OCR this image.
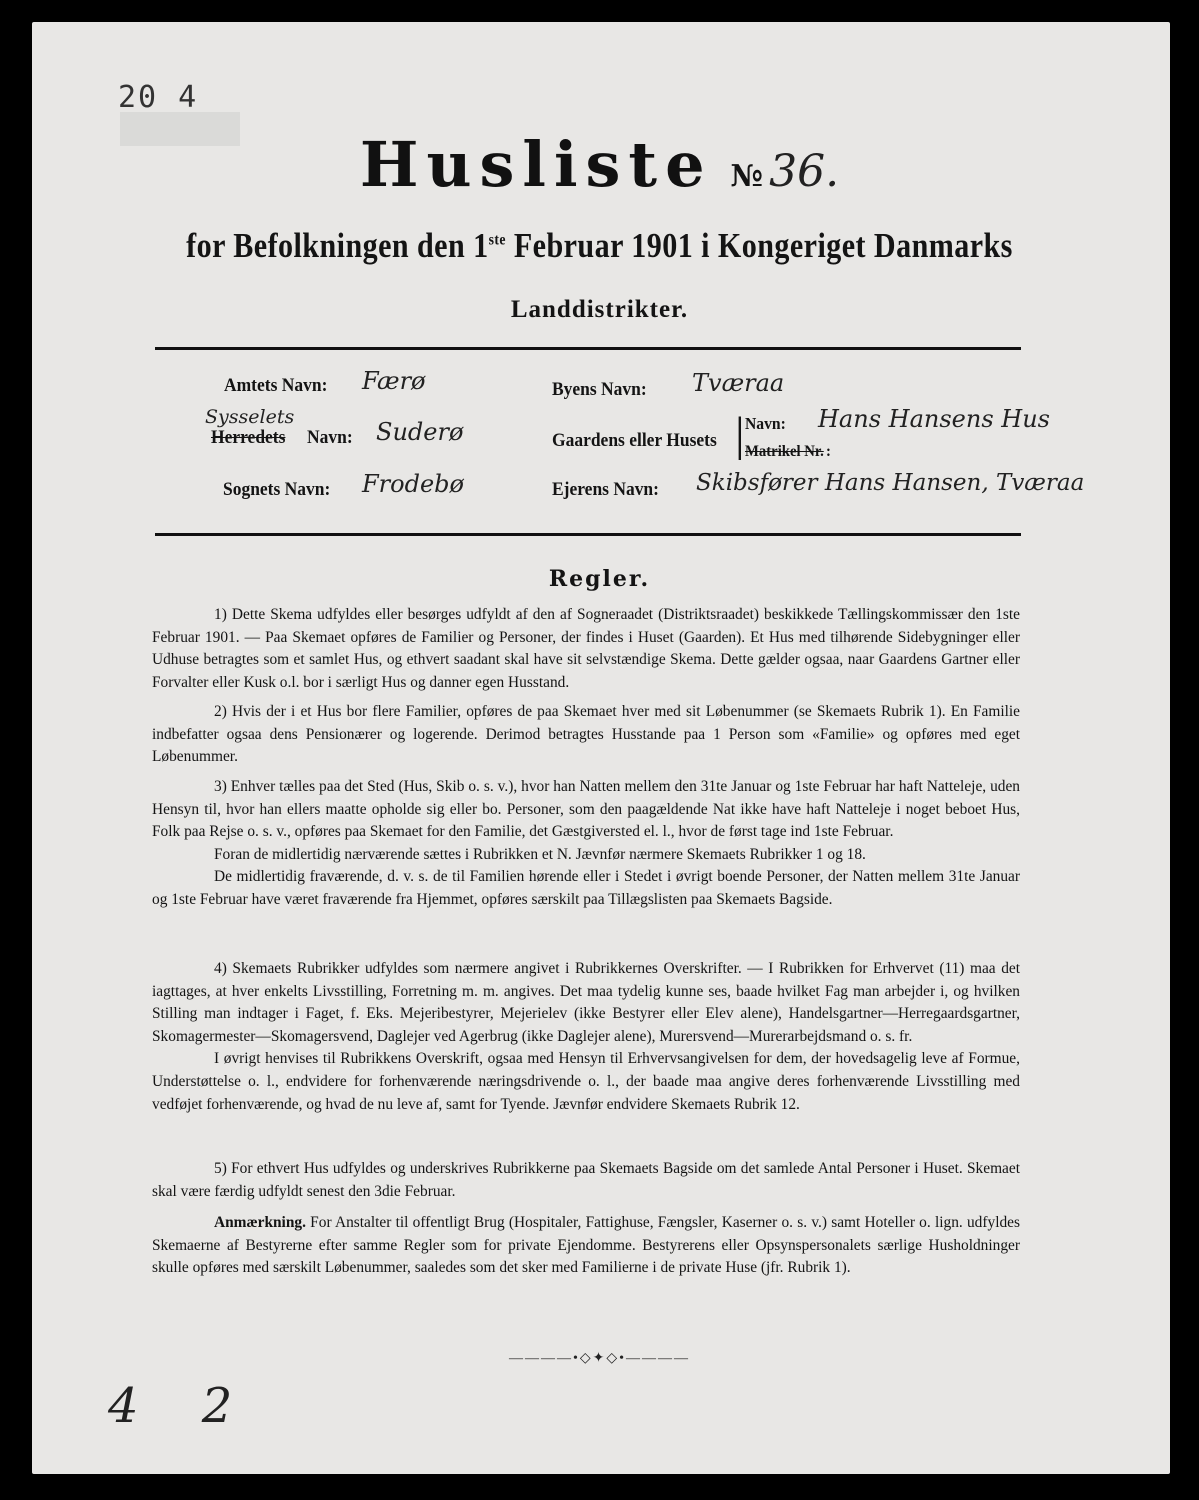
20 4
Husliste № 36.
for Befolkningen den 1ste Februar 1901 i Kongeriget Danmarks
Landdistrikter.
Amtets Navn: Færø
Sysselets
Herredets Navn: Suderø
Sognets Navn: Frodebø
Byens Navn: Tværaa
Gaardens eller Husets | Navn: Hans Hansens Hus
Matrikel Nr. :
Ejerens Navn: Skibsfører Hans Hansen, Tværaa
Regler.

1) Dette Skema udfyldes eller besørges udfyldt af den af Sogneraadet (Distriktsraadet) beskikkede Tællingskommissær den 1ste Februar 1901. — Paa Skemaet opføres de Familier og Personer, der findes i Huset (Gaarden). Et Hus med tilhørende Sidebygninger eller Udhuse betragtes som et samlet Hus, og ethvert saadant skal have sit selvstændige Skema. Dette gælder ogsaa, naar Gaardens Gartner eller Forvalter eller Kusk o.l. bor i særligt Hus og danner egen Husstand.

2) Hvis der i et Hus bor flere Familier, opføres de paa Skemaet hver med sit Løbenummer (se Skemaets Rubrik 1). En Familie indbefatter ogsaa dens Pensionærer og logerende. Derimod betragtes Husstande paa 1 Person som «Familie» og opføres med eget Løbenummer.

3) Enhver tælles paa det Sted (Hus, Skib o. s. v.), hvor han Natten mellem den 31te Januar og 1ste Februar har haft Natteleje, uden Hensyn til, hvor han ellers maatte opholde sig eller bo. Personer, som den paagældende Nat ikke have haft Natteleje i noget beboet Hus, Folk paa Rejse o. s. v., opføres paa Skemaet for den Familie, det Gæstgiversted el. l., hvor de først tage ind 1ste Februar.

Foran de midlertidig nærværende sættes i Rubrikken et N. Jævnfør nærmere Skemaets Rubrikker 1 og 18.

De midlertidig fraværende, d. v. s. de til Familien hørende eller i Stedet i øvrigt boende Personer, der Natten mellem 31te Januar og 1ste Februar have været fraværende fra Hjemmet, opføres særskilt paa Tillægslisten paa Skemaets Bagside.

4) Skemaets Rubrikker udfyldes som nærmere angivet i Rubrikkernes Overskrifter. — I Rubrikken for Erhvervet (11) maa det iagttages, at hver enkelts Livsstilling, Forretning m. m. angives. Det maa tydelig kunne ses, baade hvilket Fag man arbejder i, og hvilken Stilling man indtager i Faget, f. Eks. Mejeribestyrer, Mejerielev (ikke Bestyrer eller Elev alene), Handelsgartner—Herregaardsgartner, Skomagermester—Skomagersvend, Daglejer ved Agerbrug (ikke Daglejer alene), Murersvend—Murerarbejdsmand o. s. fr.

I øvrigt henvises til Rubrikkens Overskrift, ogsaa med Hensyn til Erhvervsangivelsen for dem, der hovedsagelig leve af Formue, Understøttelse o. l., endvidere for forhenværende næringsdrivende o. l., der baade maa angive deres forhenværende Livsstilling med vedføjet forhenværende, og hvad de nu leve af, samt for Tyende. Jævnfør endvidere Skemaets Rubrik 12.

5) For ethvert Hus udfyldes og underskrives Rubrikkerne paa Skemaets Bagside om det samlede Antal Personer i Huset. Skemaet skal være færdig udfyldt senest den 3die Februar.

Anmærkning. For Anstalter til offentligt Brug (Hospitaler, Fattighuse, Fængsler, Kaserner o. s. v.) samt Hoteller o. lign. udfyldes Skemaerne af Bestyrerne efter samme Regler som for private Ejendomme. Bestyrerens eller Opsynspersonalets særlige Husholdninger skulle opføres med særskilt Løbenummer, saaledes som det sker med Familierne i de private Huse (jfr. Rubrik 1).

————•◇✦◇•————
4 2
